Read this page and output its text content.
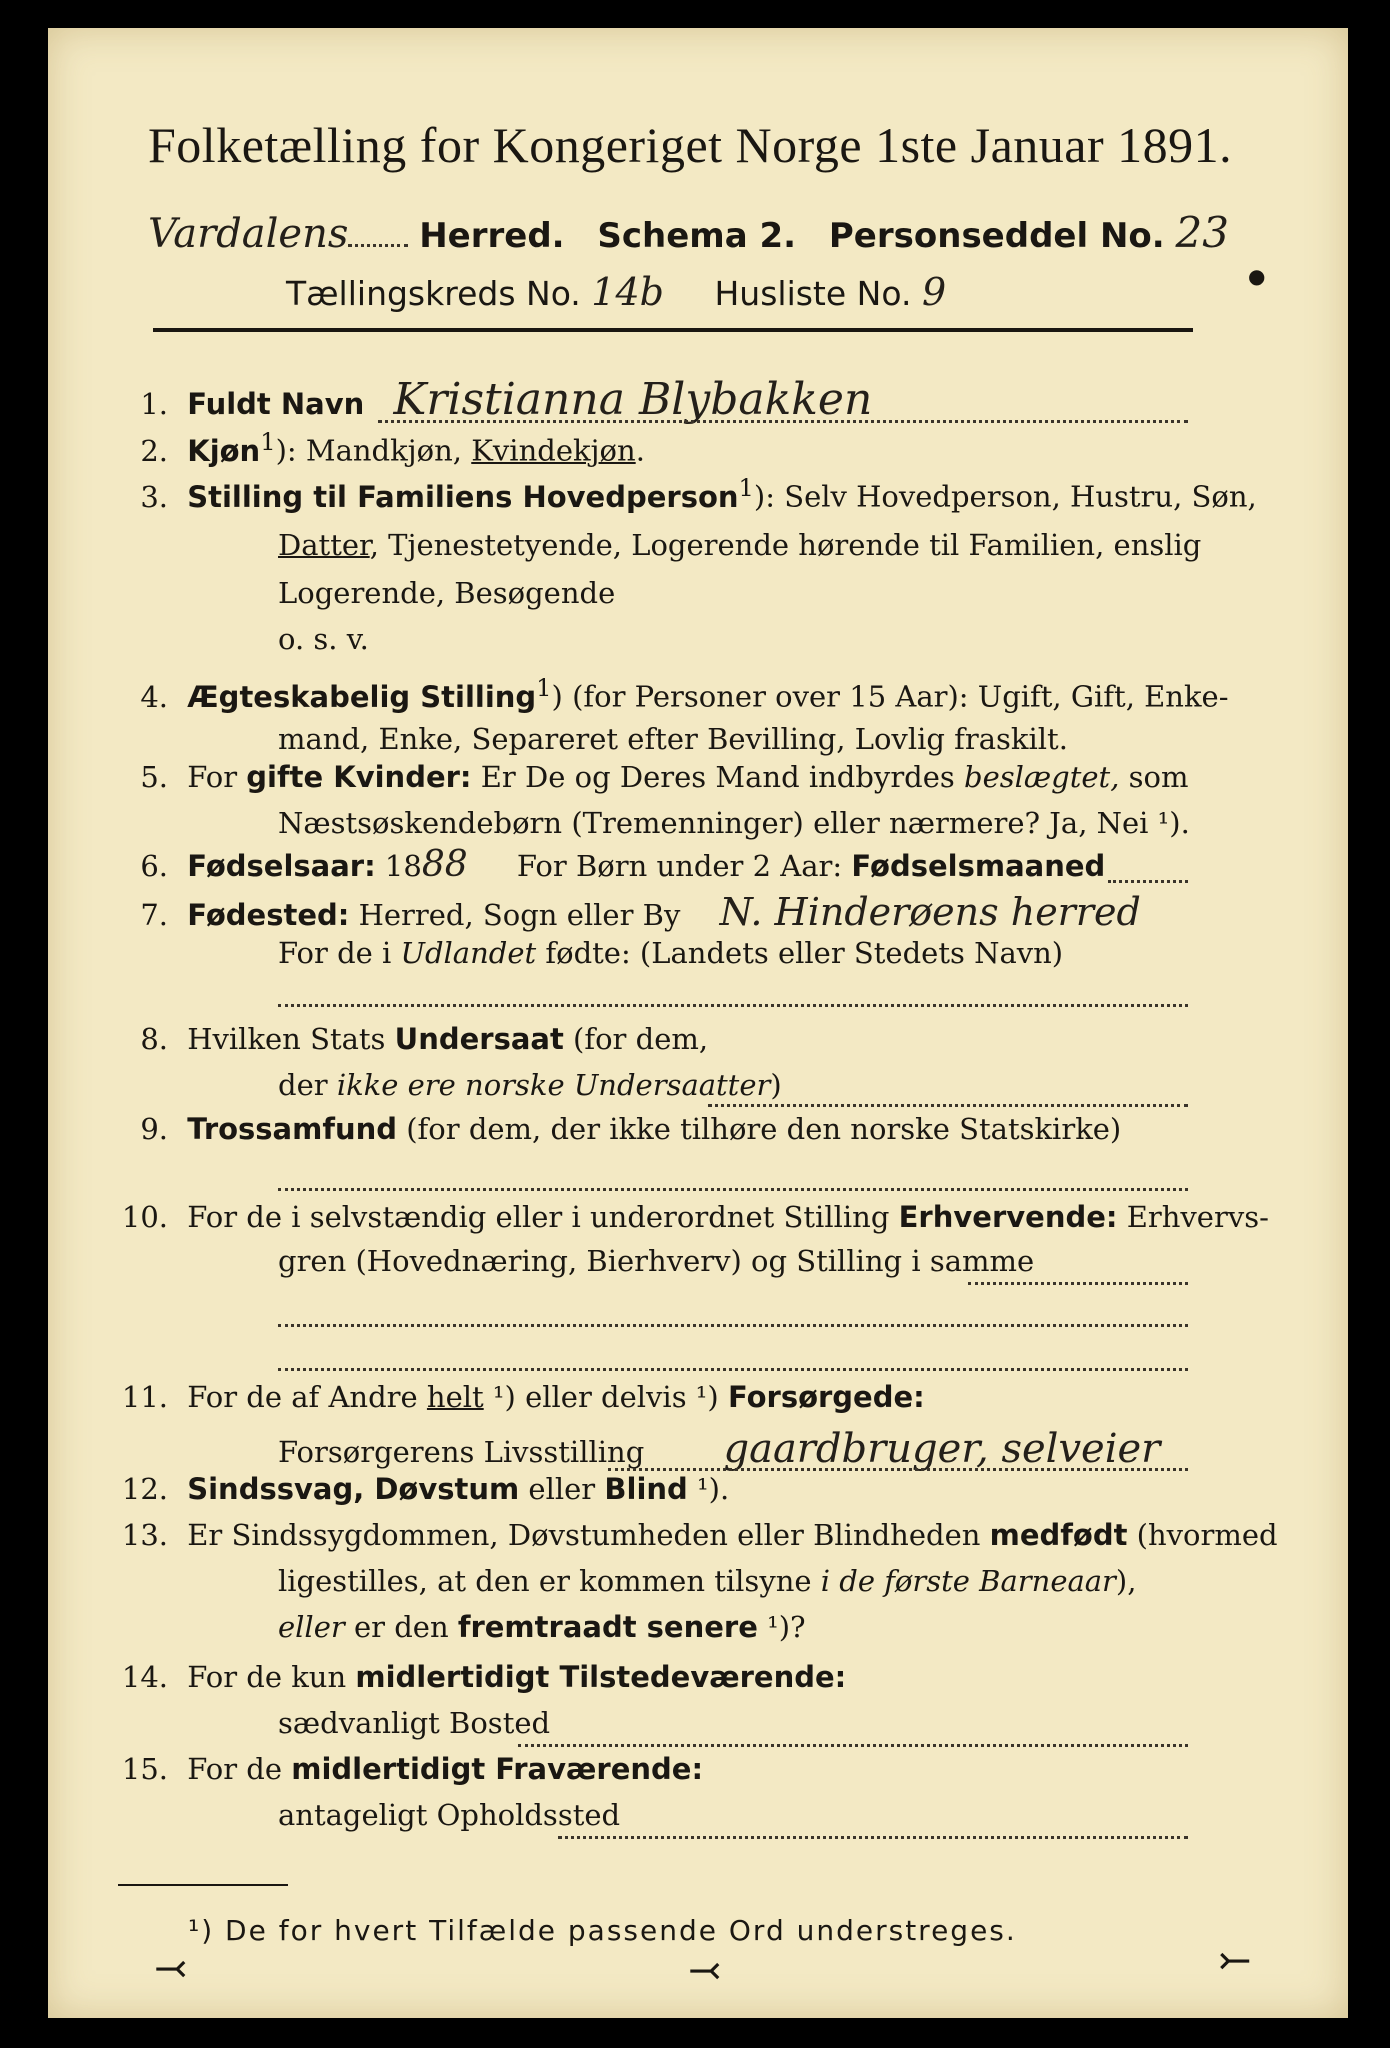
Folketælling for Kongeriget Norge 1ste Januar 1891.
Vardalens Herred. Schema 2. Personseddel No. 23
Tællingskreds No. 14b Husliste No. 9
1. Fuldt Navn Kristianna Blybakken
2. Kjøn$^1$): Mandkjøn, Kvindekjøn.
3. Stilling til Familiens Hovedperson$^1$): Selv Hovedperson, Hustru, Søn,
Datter, Tjenestetyende, Logerende hørende til Familien, enslig
Logerende, Besøgende
o. s. v.
4. Ægteskabelig Stilling$^1$) (for Personer over 15 Aar): Ugift, Gift, Enke-
mand, Enke, Separeret efter Bevilling, Lovlig fraskilt.
5. For gifte Kvinder: Er De og Deres Mand indbyrdes beslægtet, som
Næstsøskendebørn (Tremenninger) eller nærmere? Ja, Nei ¹).
6. Fødselsaar: 1888 For Børn under 2 Aar: Fødselsmaaned
7. Fødested: Herred, Sogn eller By N. Hinderøens herred
For de i Udlandet fødte: (Landets eller Stedets Navn)
8. Hvilken Stats Undersaat (for dem,
der ikke ere norske Undersaatter)
9. Trossamfund (for dem, der ikke tilhøre den norske Statskirke)
10. For de i selvstændig eller i underordnet Stilling Erhvervende: Erhvervs-
gren (Hovednæring, Bierhverv) og Stilling i samme
11. For de af Andre helt ¹) eller delvis ¹) Forsørgede:
Forsørgerens Livsstilling gaardbruger, selveier
12. Sindssvag, Døvstum eller Blind ¹).
13. Er Sindssygdommen, Døvstumheden eller Blindheden medfødt (hvormed
ligestilles, at den er kommen tilsyne i de første Barneaar),
eller er den fremtraadt senere ¹)?
14. For de kun midlertidigt Tilstedeværende:
sædvanligt Bosted
15. For de midlertidigt Fraværende:
antageligt Opholdssted
¹) De for hvert Tilfælde passende Ord understreges.
⤙	⤙	⤚
●
